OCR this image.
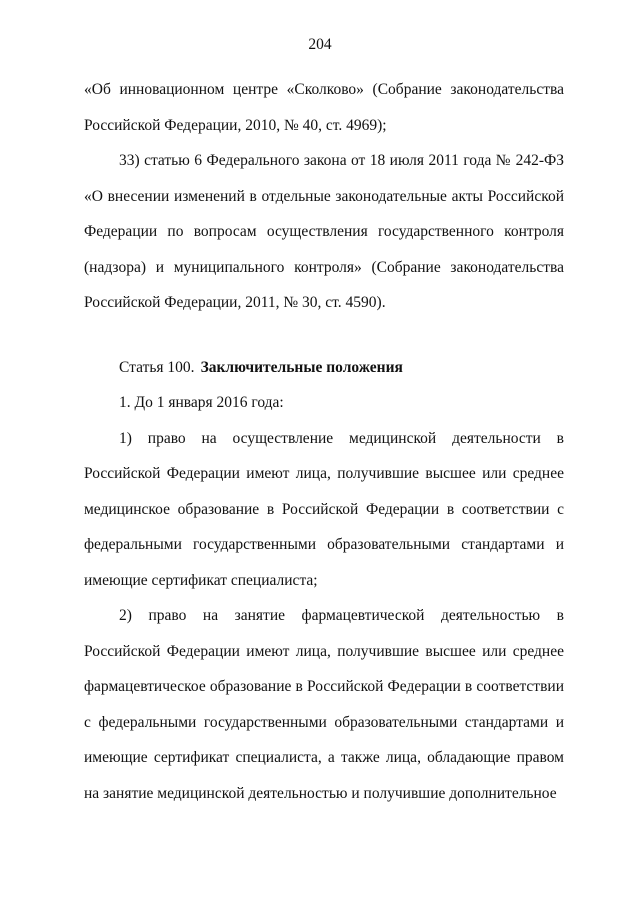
204

«Об инновационном центре «Сколково» (Собрание законодательства Российской Федерации, 2010, № 40, ст. 4969);

33) статью 6 Федерального закона от 18 июля 2011 года № 242-ФЗ «О внесении изменений в отдельные законодательные акты Российской Федерации по вопросам осуществления государственного контроля (надзора) и муниципального контроля» (Собрание законодательства Российской Федерации, 2011, № 30, ст. 4590).

Статья 100. Заключительные положения

1. До 1 января 2016 года:

1) право на осуществление медицинской деятельности в Российской Федерации имеют лица, получившие высшее или среднее медицинское образование в Российской Федерации в соответствии с федеральными государственными образовательными стандартами и имеющие сертификат специалиста;

2) право на занятие фармацевтической деятельностью в Российской Федерации имеют лица, получившие высшее или среднее фармацевтическое образование в Российской Федерации в соответствии с федеральными государственными образовательными стандартами и имеющие сертификат специалиста, а также лица, обладающие правом на занятие медицинской деятельностью и получившие дополнительное
